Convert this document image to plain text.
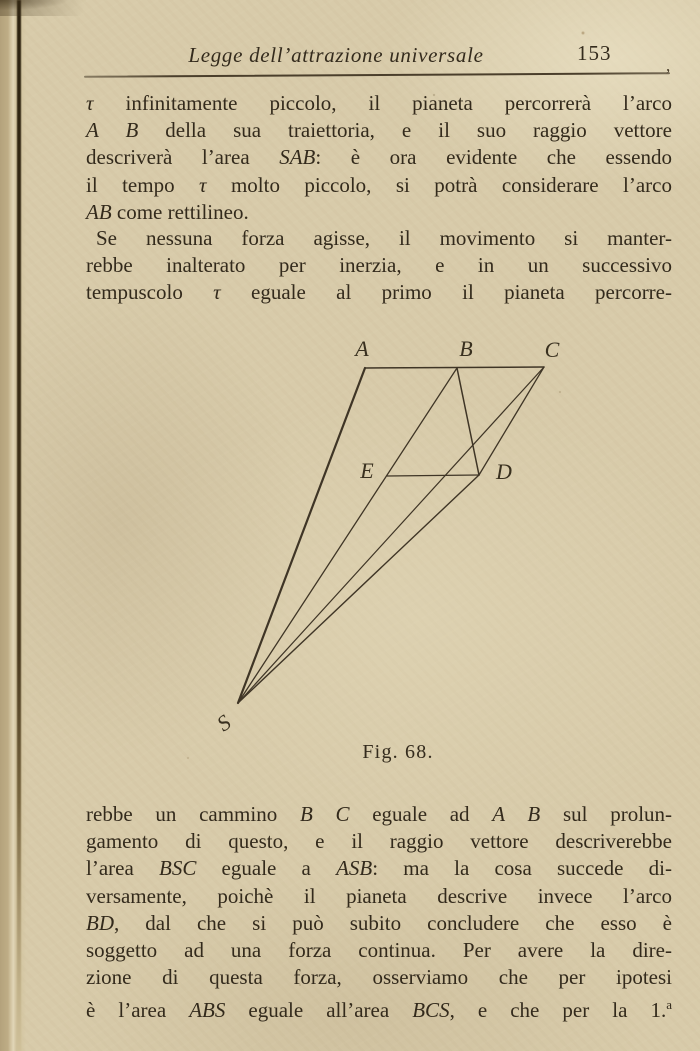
Legge dell’attrazione universale	153
,
τ infinitamente piccolo, il pianeta percorrerà l’arco
A B della sua traiettoria, e il suo raggio vettore
descriverà l’area SAB: è ora evidente che essendo
il tempo τ molto piccolo, si potrà considerare l’arco
AB come rettilineo.
Se nessuna forza agisse, il movimento si manter-
rebbe inalterato per inerzia, e in un successivo
tempuscolo τ eguale al primo il pianeta percorre-
A	B	C
E	D
S
Fig. 68.
rebbe un cammino B C eguale ad A B sul prolun-
gamento di questo, e il raggio vettore descriverebbe
l’area BSC eguale a ASB: ma la cosa succede di-
versamente, poichè il pianeta descrive invece l’arco
BD, dal che si può subito concludere che esso è
soggetto ad una forza continua. Per avere la dire-
zione di questa forza, osserviamo che per ipotesi
è l’area ABS eguale all’area BCS, e che per la 1.$^a$
